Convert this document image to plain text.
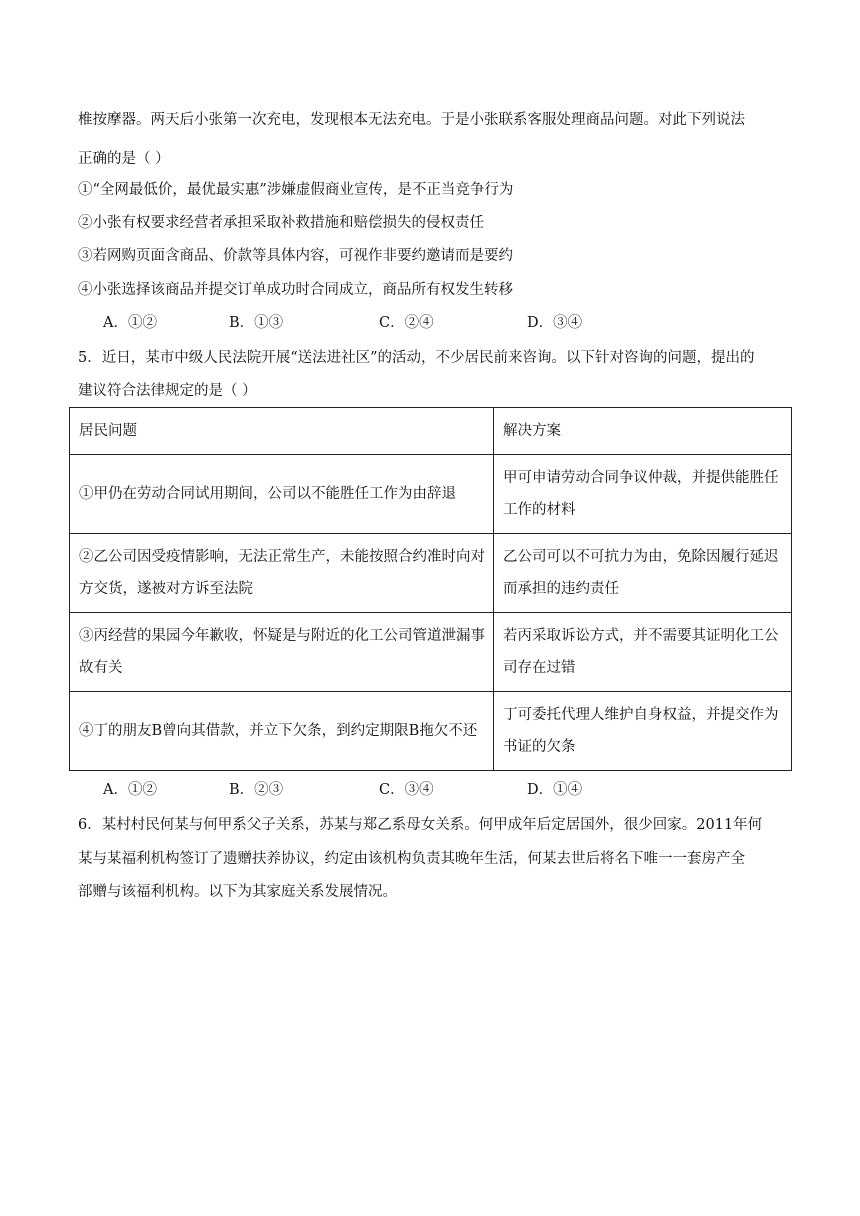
椎按摩器。两天后小张第一次充电，发现根本无法充电。于是小张联系客服处理商品问题。对此下列说法
正确的是（ ）
①“全网最低价，最优最实惠”涉嫌虚假商业宣传，是不正当竞争行为
②小张有权要求经营者承担采取补救措施和赔偿损失的侵权责任
③若网购页面含商品、价款等具体内容，可视作非要约邀请而是要约
④小张选择该商品并提交订单成功时合同成立，商品所有权发生转移
A．①②	B．①③	C．②④	D．③④
5．近日，某市中级人民法院开展“送法进社区”的活动，不少居民前来咨询。以下针对咨询的问题，提出的
建议符合法律规定的是（ ）
居民问题	解决方案
①甲仍在劳动合同试用期间，公司以不能胜任工作为由辞退	甲可申请劳动合同争议仲裁，并提供能胜任工作的材料
②乙公司因受疫情影响，无法正常生产，未能按照合约准时向对方交货，遂被对方诉至法院	乙公司可以不可抗力为由，免除因履行延迟而承担的违约责任
③丙经营的果园今年歉收，怀疑是与附近的化工公司管道泄漏事故有关	若丙采取诉讼方式，并不需要其证明化工公司存在过错
④丁的朋友B曾向其借款，并立下欠条，到约定期限B拖欠不还	丁可委托代理人维护自身权益，并提交作为书证的欠条
A．①②	B．②③	C．③④	D．①④
6．某村村民何某与何甲系父子关系，苏某与郑乙系母女关系。何甲成年后定居国外，很少回家。2011年何
某与某福利机构签订了遗赠扶养协议，约定由该机构负责其晚年生活，何某去世后将名下唯一一套房产全
部赠与该福利机构。以下为其家庭关系发展情况。
